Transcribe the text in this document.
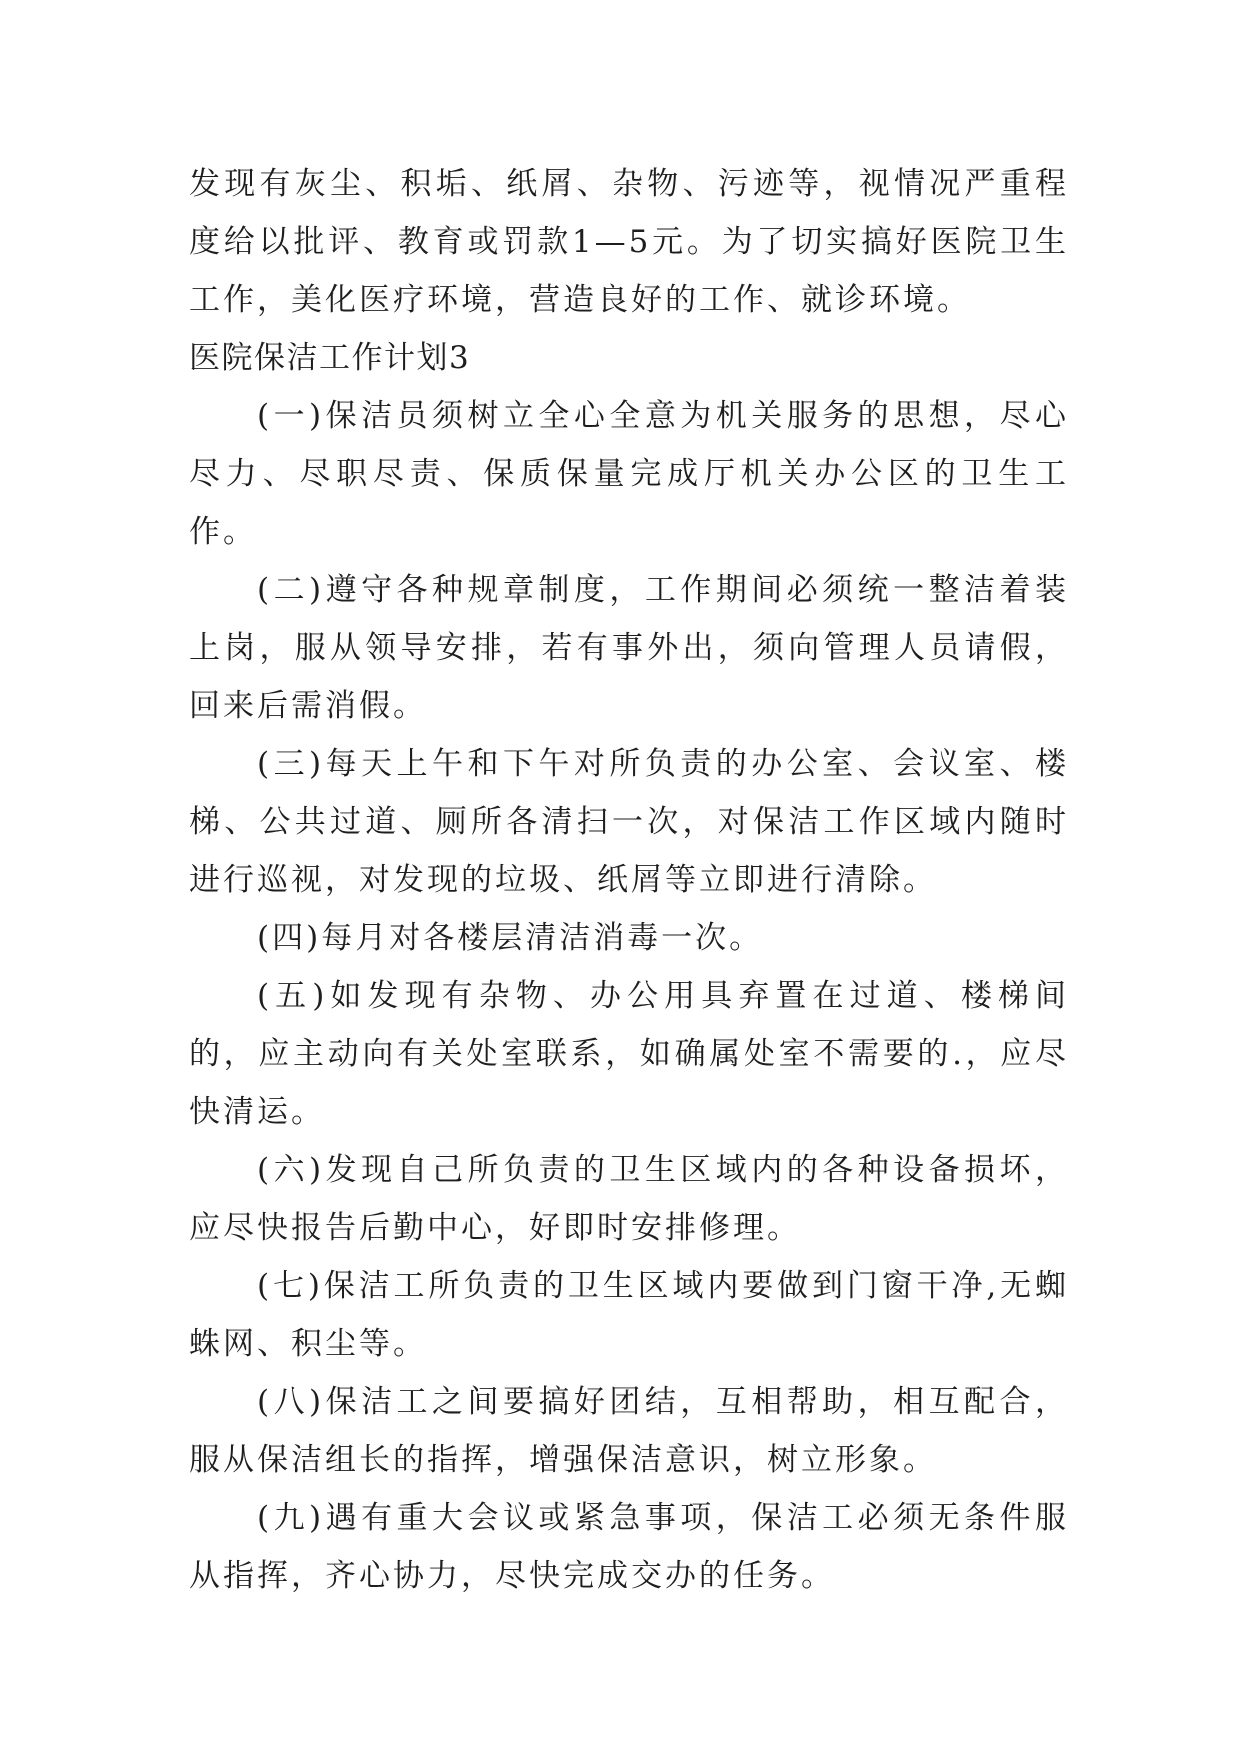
发现有灰尘、积垢、纸屑、杂物、污迹等，视情况严重程度给以批评、教育或罚款1—5元。为了切实搞好医院卫生工作，美化医疗环境，营造良好的工作、就诊环境。

医院保洁工作计划3

(一)保洁员须树立全心全意为机关服务的思想，尽心尽力、尽职尽责、保质保量完成厅机关办公区的卫生工作。

(二)遵守各种规章制度，工作期间必须统一整洁着装上岗，服从领导安排，若有事外出，须向管理人员请假，回来后需消假。

(三)每天上午和下午对所负责的办公室、会议室、楼梯、公共过道、厕所各清扫一次，对保洁工作区域内随时进行巡视，对发现的垃圾、纸屑等立即进行清除。

(四)每月对各楼层清洁消毒一次。

(五)如发现有杂物、办公用具弃置在过道、楼梯间的，应主动向有关处室联系，如确属处室不需要的.，应尽快清运。

(六)发现自己所负责的卫生区域内的各种设备损坏，应尽快报告后勤中心，好即时安排修理。

(七)保洁工所负责的卫生区域内要做到门窗干净,无蜘蛛网、积尘等。

(八)保洁工之间要搞好团结，互相帮助，相互配合，服从保洁组长的指挥，增强保洁意识，树立形象。

(九)遇有重大会议或紧急事项，保洁工必须无条件服从指挥，齐心协力，尽快完成交办的任务。
